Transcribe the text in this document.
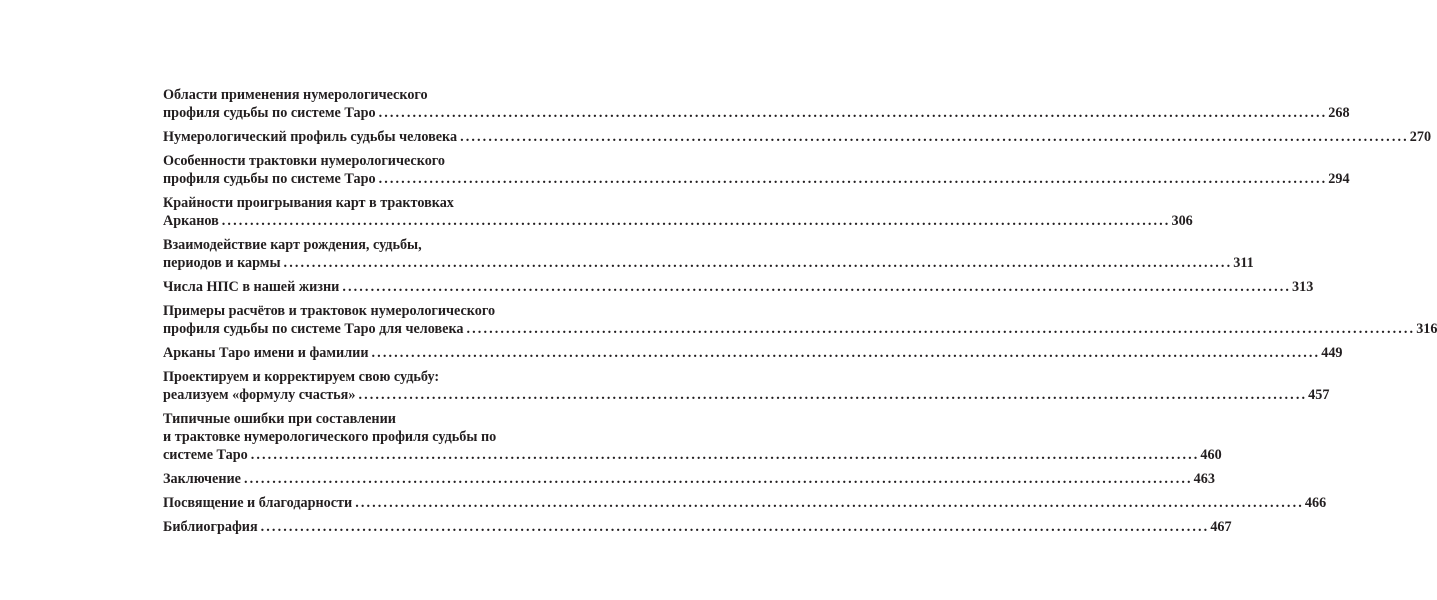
Области применения нумерологического
профиля судьбы по системе Таро .....	268
Нумерологический профиль судьбы человека .....	270
Особенности трактовки нумерологического
профиля судьбы по системе Таро .....	294
Крайности проигрывания карт в трактовках
Арканов .....	306
Взаимодействие карт рождения, судьбы,
периодов и кармы .....	311
Числа НПС в нашей жизни .....	313
Примеры расчётов и трактовок нумерологического
профиля судьбы по системе Таро для человека .....	316
Арканы Таро имени и фамилии .....	449
Проектируем и корректируем свою судьбу:
реализуем «формулу счастья» .....	457
Типичные ошибки при составлении
и трактовке нумерологического профиля судьбы по
системе Таро .....	460
Заключение .....	463
Посвящение и благодарности .....	466
Библиография .....	467
